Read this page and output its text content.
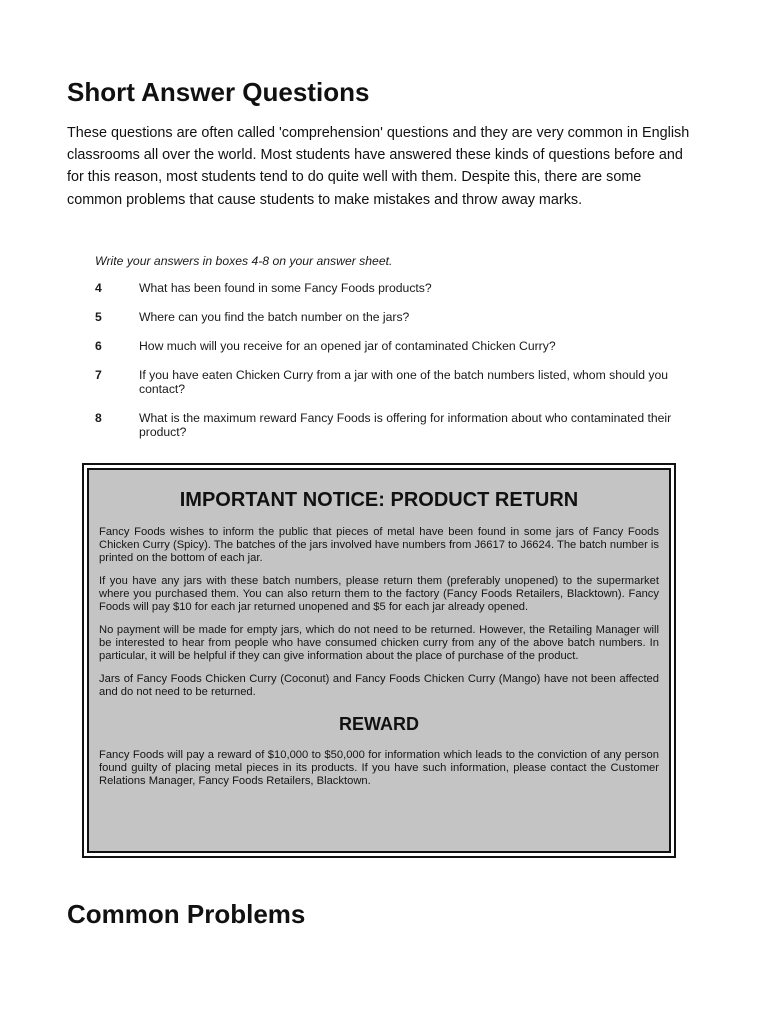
Short Answer Questions

These questions are often called 'comprehension' questions and they are very common in English classrooms all over the world. Most students have answered these kinds of questions before and for this reason, most students tend to do quite well with them. Despite this, there are some common problems that cause students to make mistakes and throw away marks.

Write your answers in boxes 4-8 on your answer sheet.
4	What has been found in some Fancy Foods products?
5	Where can you find the batch number on the jars?
6	How much will you receive for an opened jar of contaminated Chicken Curry?
7	If you have eaten Chicken Curry from a jar with one of the batch numbers listed, whom should you contact?
8	What is the maximum reward Fancy Foods is offering for information about who contaminated their product?
IMPORTANT NOTICE: PRODUCT RETURN

Fancy Foods wishes to inform the public that pieces of metal have been found in some jars of Fancy Foods Chicken Curry (Spicy). The batches of the jars involved have numbers from J6617 to J6624. The batch number is printed on the bottom of each jar.

If you have any jars with these batch numbers, please return them (preferably unopened) to the supermarket where you purchased them. You can also return them to the factory (Fancy Foods Retailers, Blacktown). Fancy Foods will pay $10 for each jar returned unopened and $5 for each jar already opened.

No payment will be made for empty jars, which do not need to be returned. However, the Retailing Manager will be interested to hear from people who have consumed chicken curry from any of the above batch numbers. In particular, it will be helpful if they can give information about the place of purchase of the product.

Jars of Fancy Foods Chicken Curry (Coconut) and Fancy Foods Chicken Curry (Mango) have not been affected and do not need to be returned.

REWARD

Fancy Foods will pay a reward of $10,000 to $50,000 for information which leads to the conviction of any person found guilty of placing metal pieces in its products. If you have such information, please contact the Customer Relations Manager, Fancy Foods Retailers, Blacktown.

Common Problems
